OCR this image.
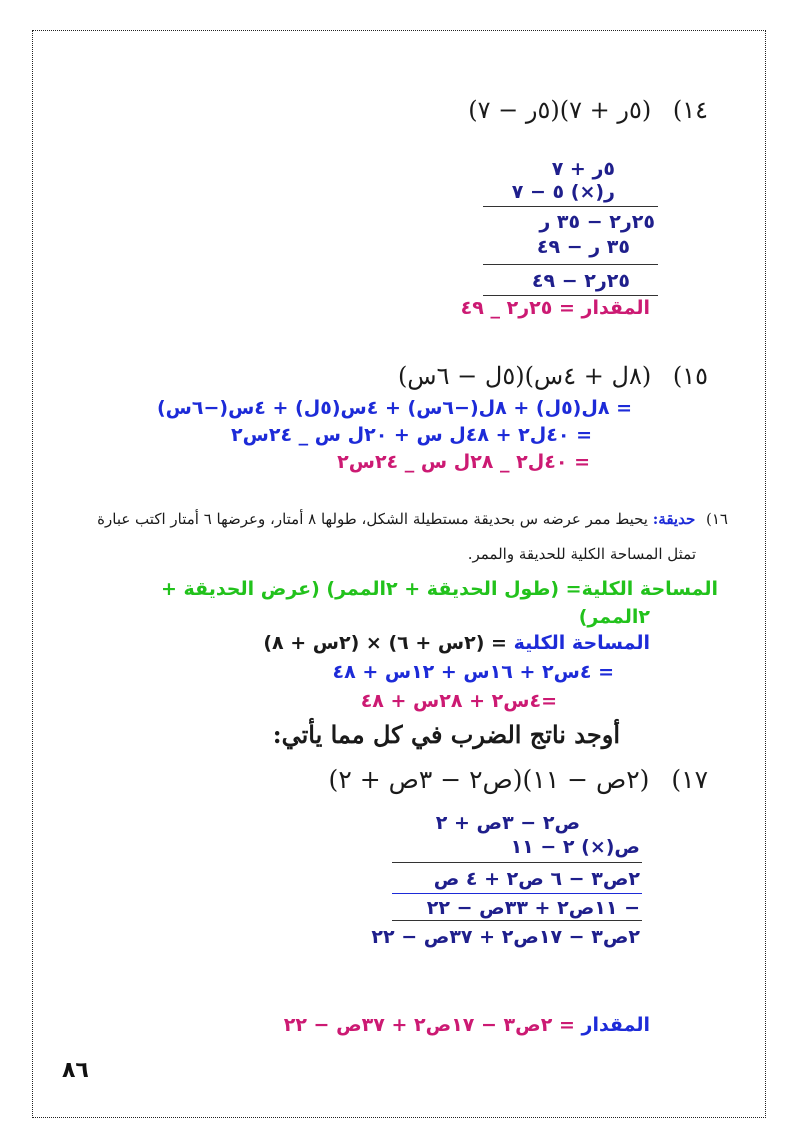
١٤) (٥ر + ٧)(٥ر − ٧)
٥ر + ٧
ر(×) ٥ − ٧
٢٥ر٢ − ٣٥ ر
٣٥ ر − ٤٩
٢٥ر٢ − ٤٩
المقدار = ٢٥ر٢ _ ٤٩
١٥) (٨ل + ٤س)(٥ل − ٦س)
= ٨ل(٥ل) + ٨ل(−٦س) + ٤س(٥ل) + ٤س(−٦س)
= ٤٠ل٢ + ٤٨ل س + ٢٠ل س _ ٢٤س٢
= ٤٠ل٢ _ ٢٨ل س _ ٢٤س٢
١٦) حديقة: يحيط ممر عرضه س بحديقة مستطيلة الشكل، طولها ٨ أمتار، وعرضها ٦ أمتار اكتب عبارة
تمثل المساحة الكلية للحديقة والممر.
المساحة الكلية= (طول الحديقة + ٢الممر) (عرض الحديقة +
٢الممر)
المساحة الكلية = (٢س + ٦) × (٢س + ٨)
= ٤س٢ + ١٦س + ١٢س + ٤٨
=٤س٢ + ٢٨س + ٤٨
أوجد ناتج الضرب في كل مما يأتي:
١٧) (٢ص − ١١)(ص٢ − ٣ص + ٢)
ص٢ − ٣ص + ٢
ص(×) ٢ − ١١
٢ص٣ − ٦ ص٢ + ٤ ص
− ١١ص٢ + ٣٣ص − ٢٢
٢ص٣ − ١٧ص٢ + ٣٧ص − ٢٢
المقدار = ٢ص٣ − ١٧ص٢ + ٣٧ص − ٢٢
٨٦
